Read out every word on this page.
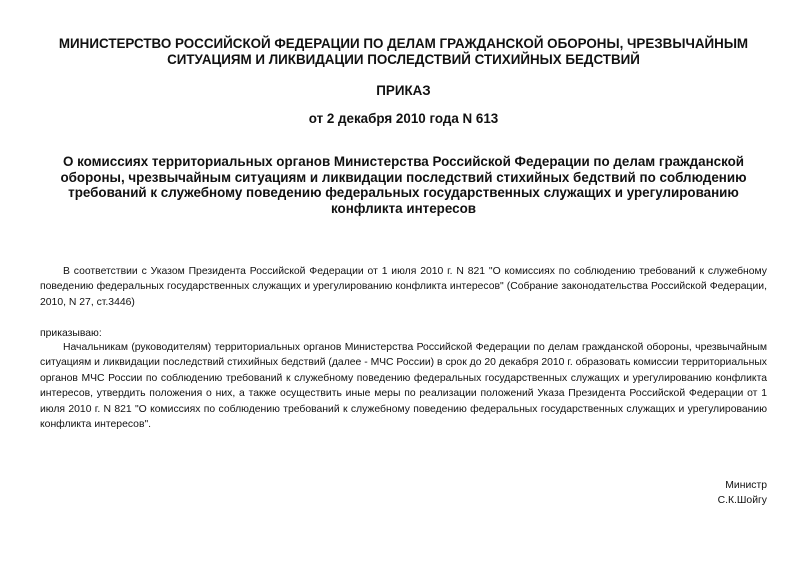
МИНИСТЕРСТВО РОССИЙСКОЙ ФЕДЕРАЦИИ ПО ДЕЛАМ ГРАЖДАНСКОЙ ОБОРОНЫ, ЧРЕЗВЫЧАЙНЫМ СИТУАЦИЯМ И ЛИКВИДАЦИИ ПОСЛЕДСТВИЙ СТИХИЙНЫХ БЕДСТВИЙ
ПРИКАЗ
от 2 декабря 2010 года N 613
О комиссиях территориальных органов Министерства Российской Федерации по делам гражданской обороны, чрезвычайным ситуациям и ликвидации последствий стихийных бедствий по соблюдению требований к служебному поведению федеральных государственных служащих и урегулированию конфликта интересов

В соответствии с Указом Президента Российской Федерации от 1 июля 2010 г. N 821 "О комиссиях по соблюдению требований к служебному поведению федеральных государственных служащих и урегулированию конфликта интересов" (Собрание законодательства Российской Федерации, 2010, N 27, ст.3446)

приказываю:

Начальникам (руководителям) территориальных органов Министерства Российской Федерации по делам гражданской обороны, чрезвычайным ситуациям и ликвидации последствий стихийных бедствий (далее - МЧС России) в срок до 20 декабря 2010 г. образовать комиссии территориальных органов МЧС России по соблюдению требований к служебному поведению федеральных государственных служащих и урегулированию конфликта интересов, утвердить положения о них, а также осуществить иные меры по реализации положений Указа Президента Российской Федерации от 1 июля 2010 г. N 821 "О комиссиях по соблюдению требований к служебному поведению федеральных государственных служащих и урегулированию конфликта интересов".

Министр
С.К.Шойгу
